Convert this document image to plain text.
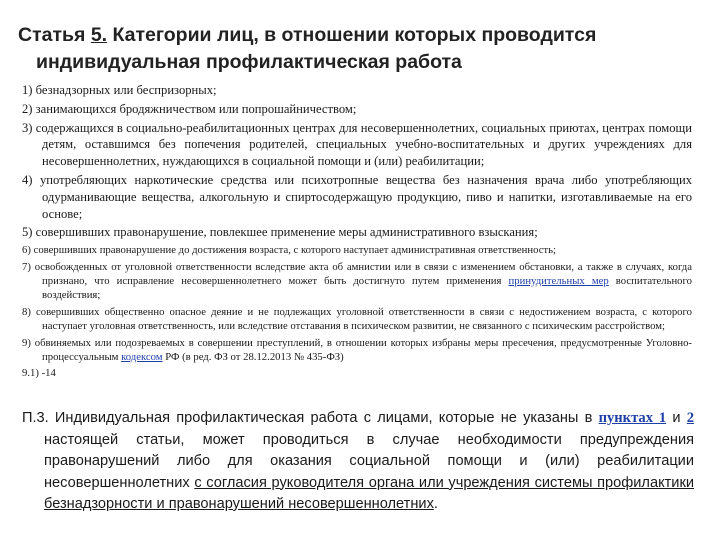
Статья 5. Категории лиц, в отношении которых проводится
индивидуальная профилактическая работа
1) безнадзорных или беспризорных;
2) занимающихся бродяжничеством или попрошайничеством;
3) содержащихся в социально-реабилитационных центрах для несовершеннолетних, социальных приютах, центрах помощи детям, оставшимся без попечения родителей, специальных учебно-воспитательных и других учреждениях для несовершеннолетних, нуждающихся в социальной помощи и (или) реабилитации;
4) употребляющих наркотические средства или психотропные вещества без назначения врача либо употребляющих одурманивающие вещества, алкогольную и спиртосодержащую продукцию, пиво и напитки, изготавливаемые на его основе;
5) совершивших правонарушение, повлекшее применение меры административного взыскания;
6) совершивших правонарушение до достижения возраста, с которого наступает административная ответственность;
7) освобожденных от уголовной ответственности вследствие акта об амнистии или в связи с изменением обстановки, а также в случаях, когда признано, что исправление несовершеннолетнего может быть достигнуто путем применения принудительных мер воспитательного воздействия;
8) совершивших общественно опасное деяние и не подлежащих уголовной ответственности в связи с недостижением возраста, с которого наступает уголовная ответственность, или вследствие отставания в психическом развитии, не связанного с психическим расстройством;
9) обвиняемых или подозреваемых в совершении преступлений, в отношении которых избраны меры пресечения, предусмотренные Уголовно-процессуальным кодексом РФ (в ред. ФЗ от 28.12.2013 № 435-ФЗ)
9.1) -14
П.3. Индивидуальная профилактическая работа с лицами, которые не указаны в пунктах 1 и 2 настоящей статьи, может проводиться в случае необходимости предупреждения правонарушений либо для оказания социальной помощи и (или) реабилитации несовершеннолетних с согласия руководителя органа или учреждения системы профилактики безнадзорности и правонарушений несовершеннолетних.
